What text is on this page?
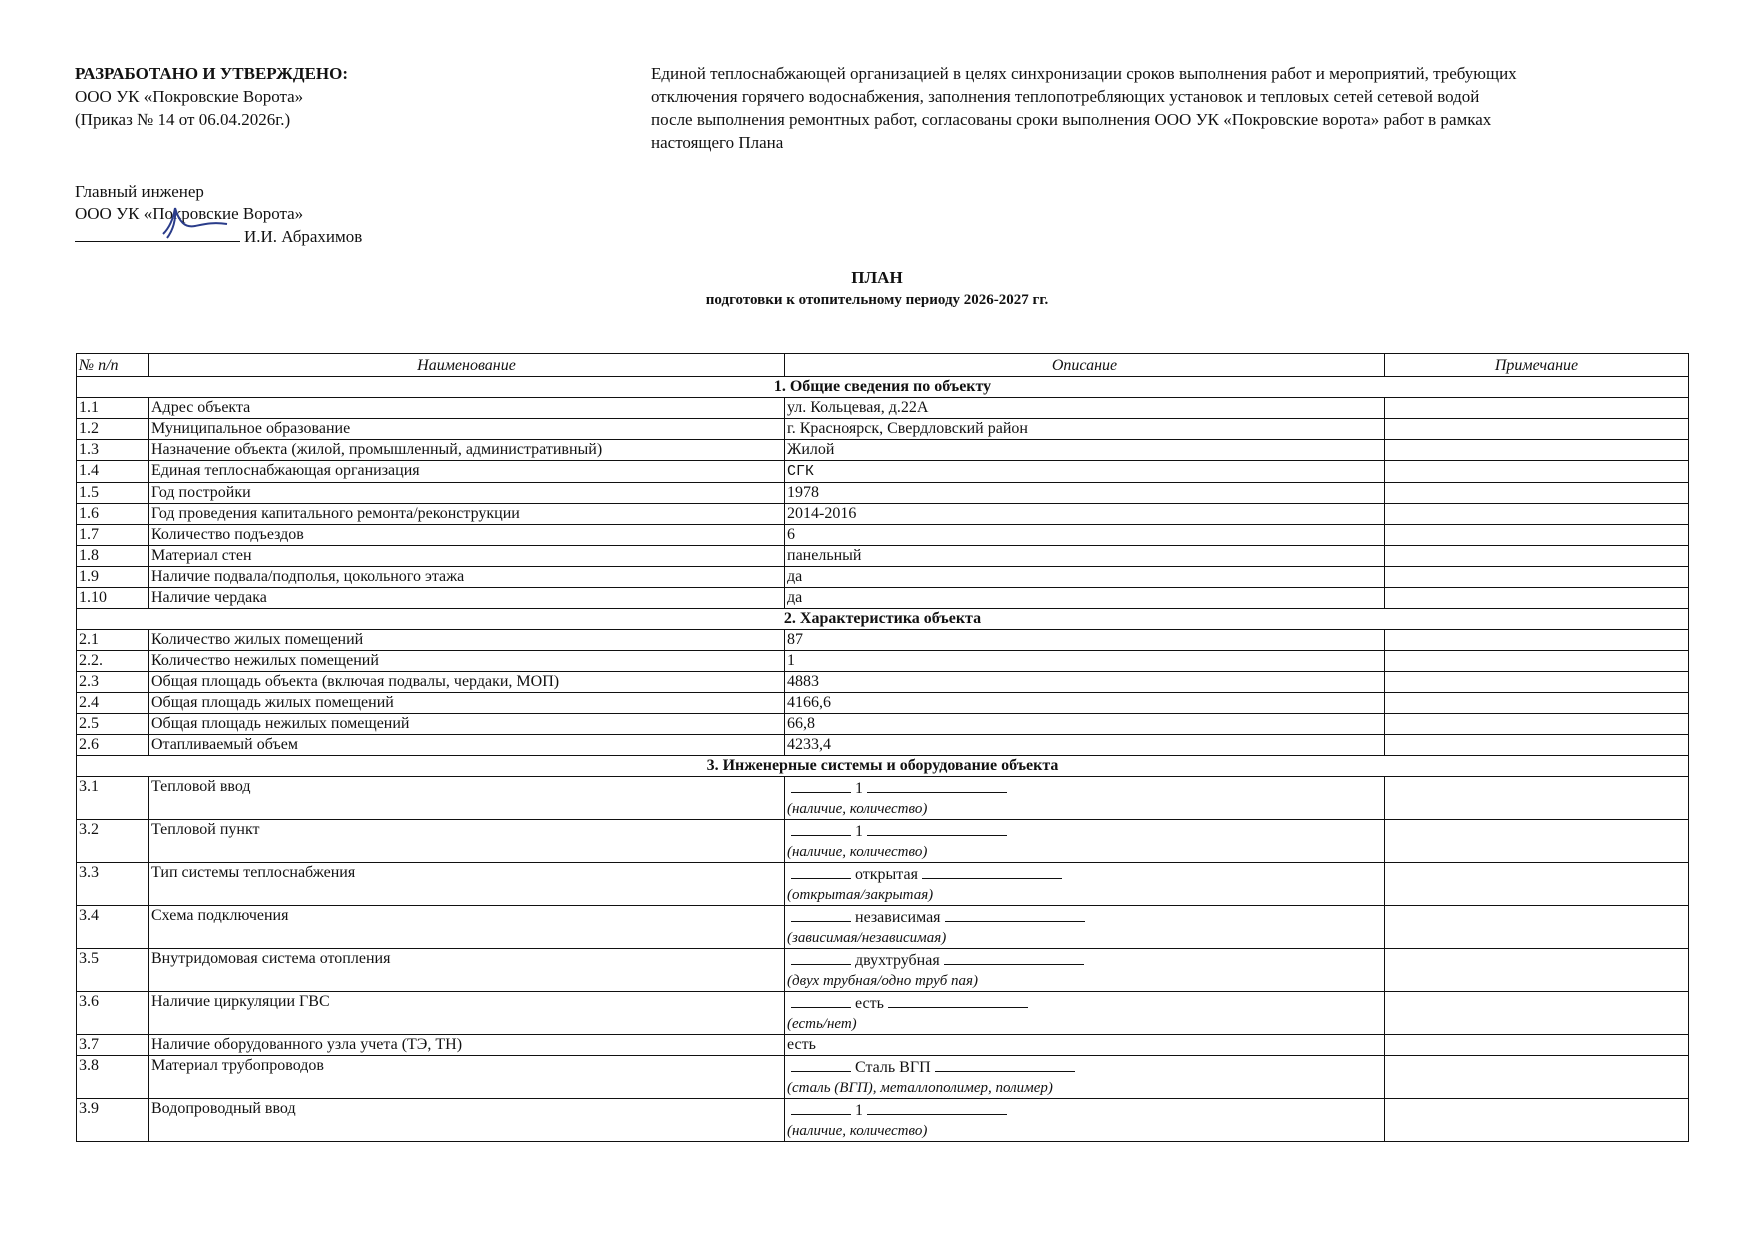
РАЗРАБОТАНО И УТВЕРЖДЕНО:
ООО УК «Покровские Ворота»
(Приказ № 14 от 06.04.2026г.)
Главный инженер
ООО УК «Покровские Ворота»
И.И. Абрахимов
Единой теплоснабжающей организацией в целях синхронизации сроков выполнения работ и мероприятий, требующих
отключения горячего водоснабжения, заполнения теплопотребляющих установок и тепловых сетей сетевой водой
после выполнения ремонтных работ, согласованы сроки выполнения ООО УК «Покровские ворота» работ в рамках
настоящего Плана
ПЛАН
подготовки к отопительному периоду 2026-2027 гг.
№ п/п	Наименование	Описание	Примечание
1. Общие сведения по объекту			
1.1	Адрес объекта	ул. Кольцевая, д.22А	
1.2	Муниципальное образование	г. Красноярск, Свердловский район	
1.3	Назначение объекта (жилой, промышленный, административный)	Жилой	
1.4	Единая теплоснабжающая организация	СГК	
1.5	Год постройки	1978	
1.6	Год проведения капитального ремонта/реконструкции	2014-2016	
1.7	Количество подъездов	6	
1.8	Материал стен	панельный	
1.9	Наличие подвала/подполья, цокольного этажа	да	
1.10	Наличие чердака	да	
2. Характеристика объекта			
2.1	Количество жилых помещений	87	
2.2.	Количество нежилых помещений	1	
2.3	Общая площадь объекта (включая подвалы, чердаки, МОП)	4883	
2.4	Общая площадь жилых помещений	4166,6	
2.5	Общая площадь нежилых помещений	66,8	
2.6	Отапливаемый объем	4233,4	
3. Инженерные системы и оборудование объекта			
3.1	Тепловой ввод	1
(наличие, количество)	

3.2	Тепловой пункт	1
(наличие, количество)	

3.3	Тип системы теплоснабжения	открытая
(открытая/закрытая)	

3.4	Схема подключения	независимая
(зависимая/независимая)	

3.5	Внутридомовая система отопления	двухтрубная
(двух трубная/одно труб пая)	

3.6	Наличие циркуляции ГВС	есть
(есть/нет)	

3.7	Наличие оборудованного узла учета (ТЭ, ТН)	есть	
3.8	Материал трубопроводов	Сталь ВГП
(сталь (ВГП), металлополимер, полимер)	

3.9	Водопроводный ввод	1
(наличие, количество)	
